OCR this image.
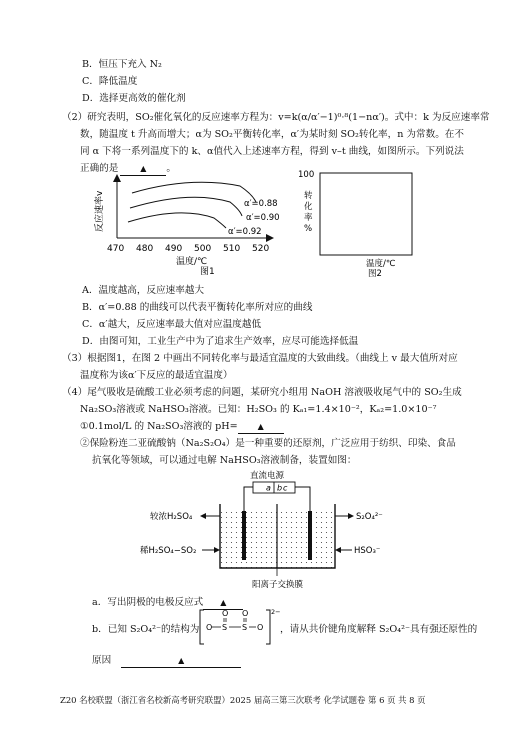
B．恒压下充入 N₂
C．降低温度
D．选择更高效的催化剂
（2）研究表明，SO₂催化氧化的反应速率方程为：v=k(α/α′−1)⁰·⁸(1−nα′)。式中：k 为反应速率常
数，随温度 t 升高而增大；α为 SO₂平衡转化率，α′为某时刻 SO₂转化率，n 为常数。在不
同 α 下将一系列温度下的 k、α值代入上述速率方程，得到 v–t 曲线，如图所示。下列说法
正确的是	▲ 。
反应速率v
470 480 490 500 510 520
α′=0.88
α′=0.90
α′=0.92
温度/℃
图1
100
转
化
率
%
温度/℃
图2
A．温度越高，反应速率越大
B．α′=0.88 的曲线可以代表平衡转化率所对应的曲线
C．α′越大，反应速率最大值对应温度越低
D．由图可知，工业生产中为了追求生产效率，应尽可能选择低温
（3）根据图1，在图 2 中画出不同转化率与最适宜温度的大致曲线。（曲线上 v 最大值所对应
温度称为该α′下反应的最适宜温度）
（4）尾气吸收是硫酸工业必须考虑的问题，某研究小组用 NaOH 溶液吸收尾气中的 SO₂生成
Na₂SO₃溶液或 NaHSO₃溶液。已知：H₂SO₃ 的 Kₐ₁=1.4×10⁻²，Kₐ₂=1.0×10⁻⁷
①0.1mol/L 的 Na₂SO₃溶液的 pH= ▲
②保险粉连二亚硫酸钠（Na₂S₂O₄）是一种重要的还原剂，广泛应用于纺织、印染、食品
抗氧化等领域，可以通过电解 NaHSO₃溶液制备，装置如图：
直流电源
a b c
较浓H₂SO₄
稀H₂SO₄−SO₂
S₂O₄²⁻
HSO₃⁻
阳离子交换膜
a．写出阴极的电极反应式 ▲
b．已知 S₂O₄²⁻的结构为 O S S O
O O	2−
，请从共价键角度解释 S₂O₄²⁻具有强还原性的
原因	▲
Z20 名校联盟（浙江省名校新高考研究联盟）2025 届高三第三次联考 化学试题卷 第 6 页 共 8 页
